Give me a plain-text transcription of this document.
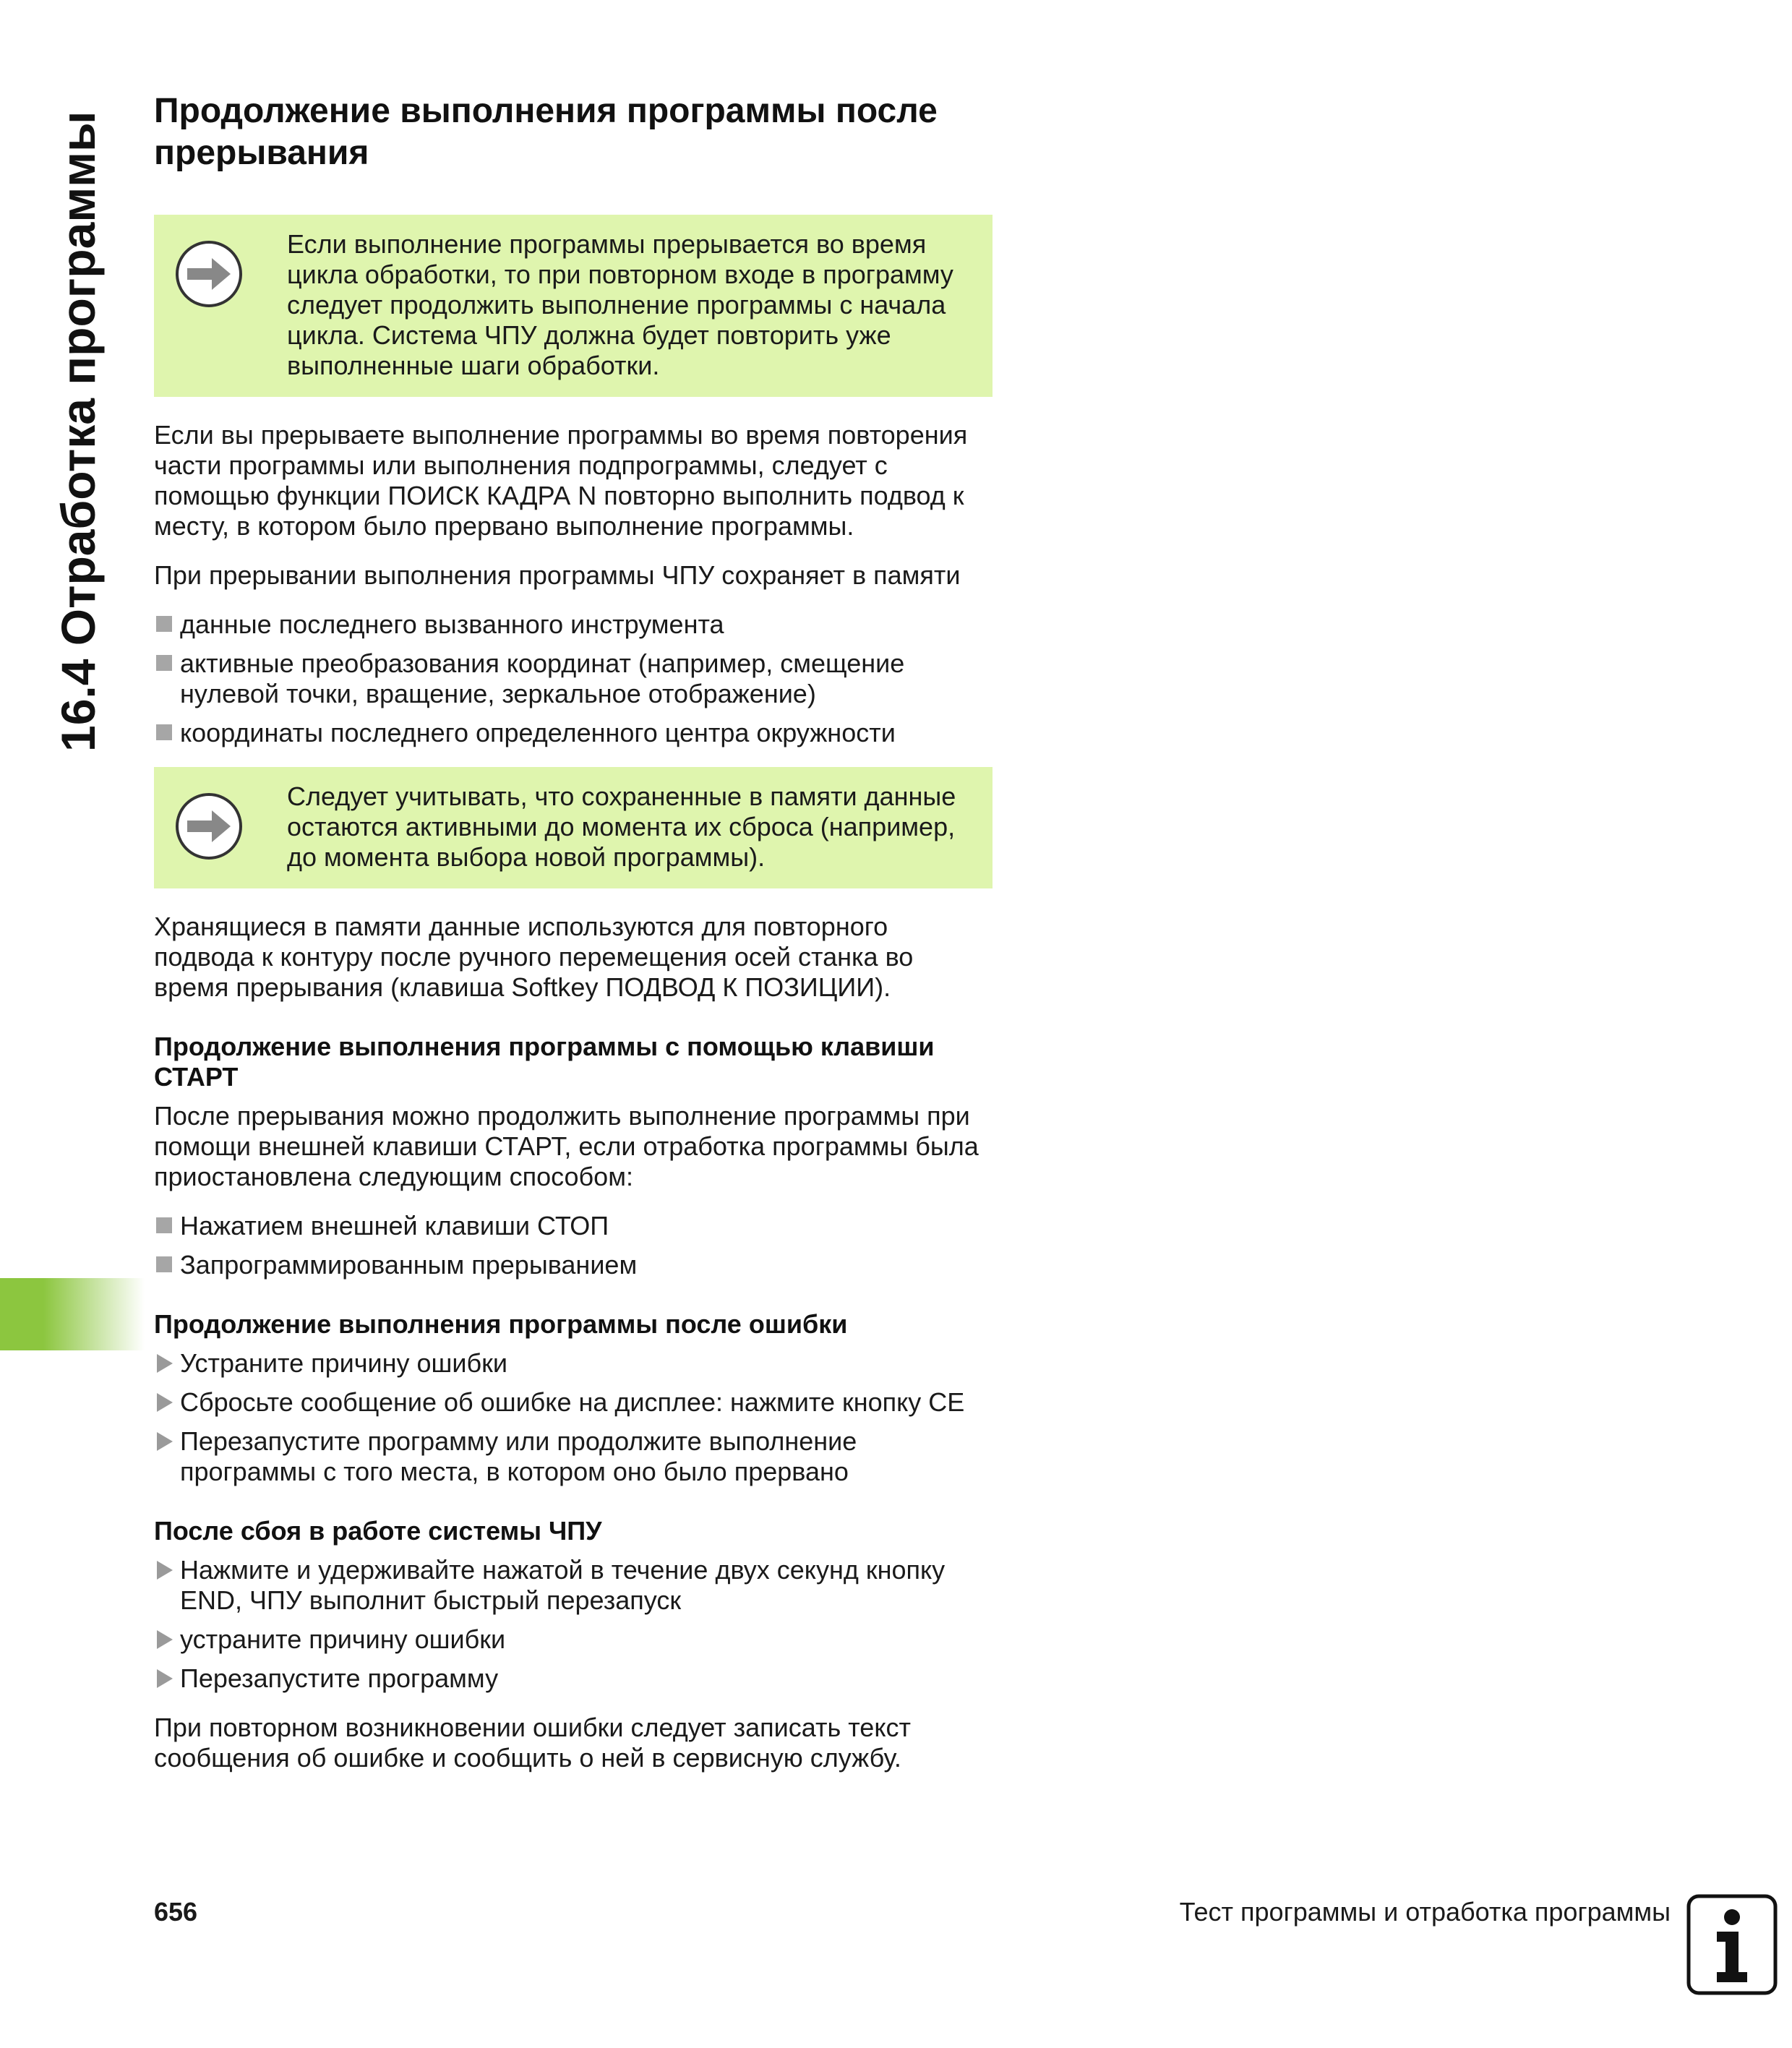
16.4 Отработка программы
Продолжение выполнения программы после прерывания
Если выполнение программы прерывается во время цикла обработки, то при повторном входе в программу следует продолжить выполнение программы с начала цикла. Система ЧПУ должна будет повторить уже выполненные шаги обработки.

Если вы прерываете выполнение программы во время повторения части программы или выполнения подпрограммы, следует с помощью функции ПОИСК КАДРА N повторно выполнить подвод к месту, в котором было прервано выполнение программы.

При прерывании выполнения программы ЧПУ сохраняет в памяти

данные последнего вызванного инструмента
активные преобразования координат (например, смещение нулевой точки, вращение, зеркальное отображение)
координаты последнего определенного центра окружности
Следует учитывать, что сохраненные в памяти данные остаются активными до момента их сброса (например, до момента выбора новой программы).

Хранящиеся в памяти данные используются для повторного подвода к контуру после ручного перемещения осей станка во время прерывания (клавиша Softkey ПОДВОД К ПОЗИЦИИ).

Продолжение выполнения программы с помощью клавиши СТАРТ

После прерывания можно продолжить выполнение программы при помощи внешней клавиши СТАРТ, если отработка программы была приостановлена следующим способом:

Нажатием внешней клавиши СТОП
Запрограммированным прерыванием
Продолжение выполнения программы после ошибки
Устраните причину ошибки
Сбросьте сообщение об ошибке на дисплее: нажмите кнопку CE
Перезапустите программу или продолжите выполнение программы с того места, в котором оно было прервано
После сбоя в работе системы ЧПУ
Нажмите и удерживайте нажатой в течение двух секунд кнопку END, ЧПУ выполнит быстрый перезапуск
устраните причину ошибки
Перезапустите программу

При повторном возникновении ошибки следует записать текст сообщения об ошибке и сообщить о ней в сервисную службу.

656	Тест программы и отработка программы
